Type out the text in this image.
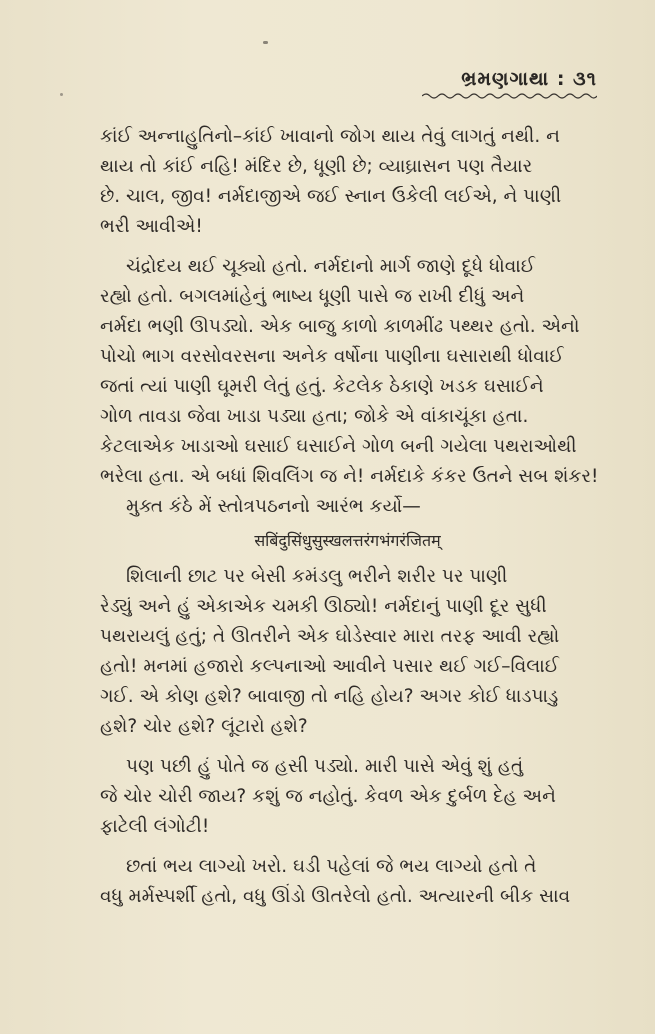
ભ્રમણગાથા : ૩૧

કાંઈ અન્નાહુતિનો–કાંઈ ખાવાનો જોગ થાય તેવું લાગતું નથી. ન
થાય તો કાંઈ નહિ! મંદિર છે, ધૂણી છે; વ્યાઘ્રાસન પણ તૈયાર
છે. ચાલ, જીવ! નર્મદાજીએ જઈ સ્નાન ઉકેલી લઈએ, ને પાણી
ભરી આવીએ!

ચંદ્રોદય થઈ ચૂક્યો હતો. નર્મદાનો માર્ગ જાણે દૂધે ધોવાઈ
રહ્યો હતો. બગલમાંહેનું ભાષ્ય ધૂણી પાસે જ રાખી દીધું અને
નર્મદા ભણી ઊપડ્યો. એક બાજુ કાળો કાળમીંઢ પથ્થર હતો. એનો
પોચો ભાગ વરસોવરસના અનેક વર્ષોના પાણીના ઘસારાથી ધોવાઈ
જતાં ત્યાં પાણી ઘૂમરી લેતું હતું. કેટલેક ઠેકાણે ખડક ઘસાઈને
ગોળ તાવડા જેવા ખાડા પડ્યા હતા; જોકે એ વાંકાચૂંકા હતા.
કેટલાએક ખાડાઓ ઘસાઈ ઘસાઈને ગોળ બની ગયેલા પથરાઓથી
ભરેલા હતા. એ બધાં શિવલિંગ જ ને! નર્મદાકે કંકર ઉતને સબ શંકર!

મુક્ત કંઠે મેં સ્તોત્રપઠનનો આરંભ કર્યો—

सबिंदुसिंधुसुस्खलत्तरंगभंगरंजितम्

શિલાની છાટ પર બેસી કમંડલુ ભરીને શરીર પર પાણી
રેડ્યું અને હું એકાએક ચમકી ઊઠ્યો! નર્મદાનું પાણી દૂર સુધી
પથરાયલું હતું; તે ઊતરીને એક ઘોડેસ્વાર મારા તરફ આવી રહ્યો
હતો! મનમાં હજારો કલ્પનાઓ આવીને પસાર થઈ ગઈ–વિલાઈ
ગઈ. એ કોણ હશે? બાવાજી તો નહિ હોય? અગર કોઈ ધાડપાડુ
હશે? ચોર હશે? લૂંટારો હશે?

પણ પછી હું પોતે જ હસી પડ્યો. મારી પાસે એવું શું હતું
જે ચોર ચોરી જાય? કશું જ નહોતું. કેવળ એક દુર્બળ દેહ અને
ફાટેલી લંગોટી!

છતાં ભય લાગ્યો ખરો. ઘડી પહેલાં જે ભય લાગ્યો હતો તે
વધુ મર્મસ્પર્શી હતો, વધુ ઊંડો ઊતરેલો હતો. અત્યારની બીક સાવ
